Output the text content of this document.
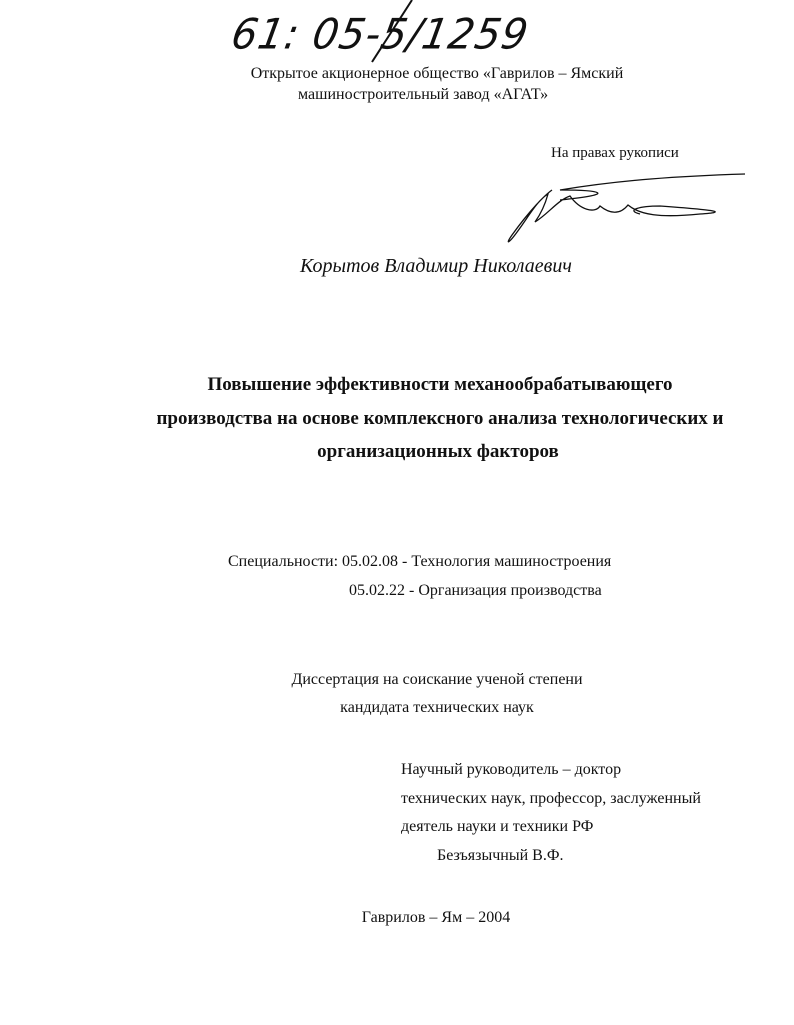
61: 05-5/1259
Открытое акционерное общество «Гаврилов – Ямский
машиностроительный завод «АГАТ»
На правах рукописи
Корытов Владимир Николаевич
Повышение эффективности механообрабатывающего
производства на основе комплексного анализа технологических и
организационных факторов
Специальности: 05.02.08 - Технология машиностроения
05.02.22 - Организация производства
Диссертация на соискание ученой степени
кандидата технических наук
Научный руководитель – доктор
технических наук, профессор, заслуженный
деятель науки и техники РФ
Безъязычный В.Ф.
Гаврилов – Ям – 2004
